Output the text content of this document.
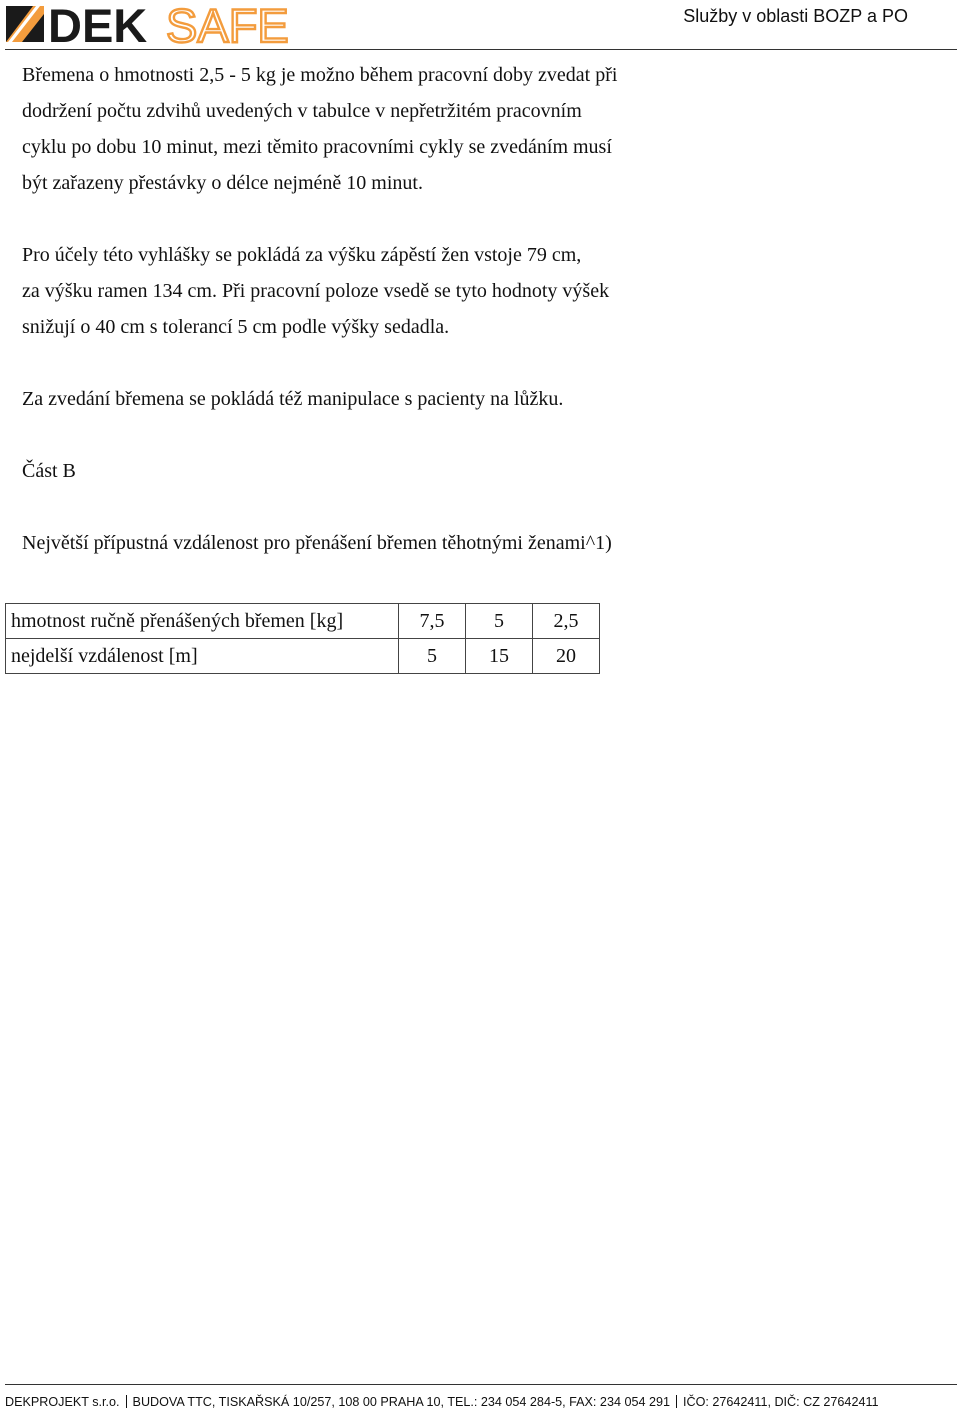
DEK SAFE	Služby v oblasti BOZP a PO

Břemena o hmotnosti 2,5 - 5 kg je možno během pracovní doby zvedat při

dodržení počtu zdvihů uvedených v tabulce v nepřetržitém pracovním

cyklu po dobu 10 minut, mezi těmito pracovními cykly se zvedáním musí

být zařazeny přestávky o délce nejméně 10 minut.

Pro účely této vyhlášky se pokládá za výšku zápěstí žen vstoje 79 cm,

za výšku ramen 134 cm. Při pracovní poloze vsedě se tyto hodnoty výšek

snižují o 40 cm s tolerancí 5 cm podle výšky sedadla.

Za zvedání břemena se pokládá též manipulace s pacienty na lůžku.

Část B

Největší přípustná vzdálenost pro přenášení břemen těhotnými ženami^1)

hmotnost ručně přenášených břemen [kg]	7,5	5	2,5
nejdelší vzdálenost [m]	5	15	20
DEKPROJEKT s.r.o. BUDOVA TTC, TISKAŘSKÁ 10/257, 108 00 PRAHA 10, TEL.: 234 054 284-5, FAX: 234 054 291 IČO: 27642411, DIČ: CZ 27642411
